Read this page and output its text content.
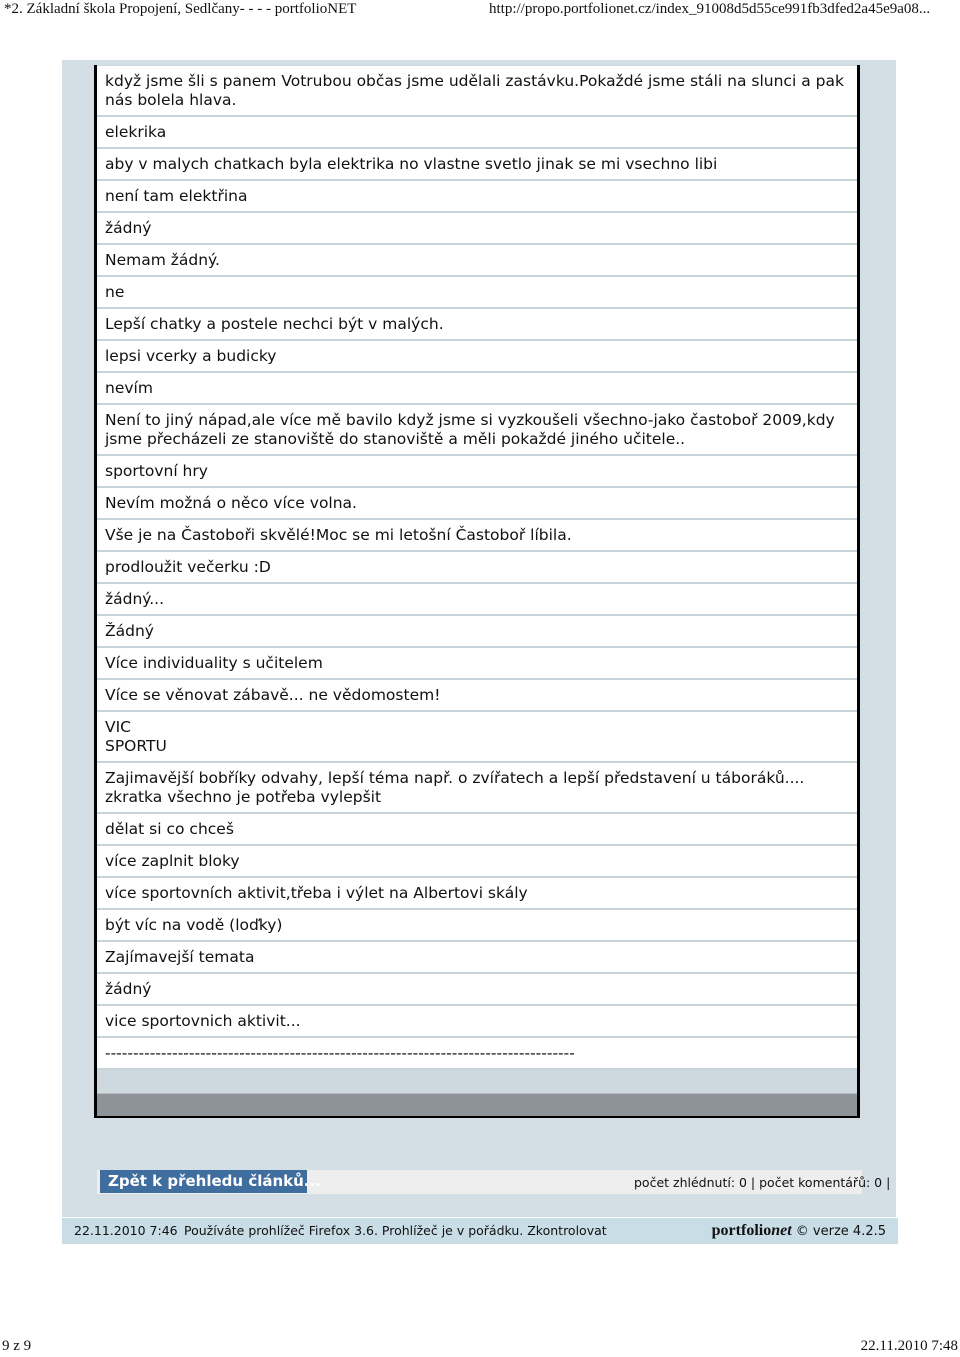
*2. Základní škola Propojení, Sedlčany- - - - portfolioNET	http://propo.portfolionet.cz/index_91008d5d55ce991fb3dfed2a45e9a08...
když jsme šli s panem Votrubou občas jsme udělali zastávku.Pokaždé jsme stáli na slunci a pak nás bolela hlava.
elekrika
aby v malych chatkach byla elektrika no vlastne svetlo jinak se mi vsechno libi
není tam elektřina
žádný
Nemam žádný.
ne
Lepší chatky a postele nechci být v malých.
lepsi vcerky a budicky
nevím
Není to jiný nápad,ale více mě bavilo když jsme si vyzkoušeli všechno-jako častoboř 2009,kdy jsme přecházeli ze stanoviště do stanoviště a měli pokaždé jiného učitele..
sportovní hry
Nevím možná o něco více volna.
Vše je na Častoboři skvělé!Moc se mi letošní Častoboř líbila.
prodloužit večerku :D
žádný...
Žádný
Více individuality s učitelem
Více se věnovat zábavě... ne vědomostem!
VIC
SPORTU
Zajimavější bobříky odvahy, lepší téma např. o zvířatech a lepší představení u táboráků.... zkratka všechno je potřeba vylepšit
dělat si co chceš
více zaplnit bloky
více sportovních aktivit,třeba i výlet na Albertovi skály
být víc na vodě (loďky)
Zajímavejší temata
žádný
vice sportovnich aktivit...
------------------------------------------------------------------------------------
Zpět k přehledu článků...	počet zhlédnutí: 0 | počet komentářů: 0 |
22.11.2010 7:46 Používáte prohlížeč Firefox 3.6. Prohlížeč je v pořádku. Zkontrolovat	portfolionet © verze 4.2.5
9 z 9	22.11.2010 7:48
